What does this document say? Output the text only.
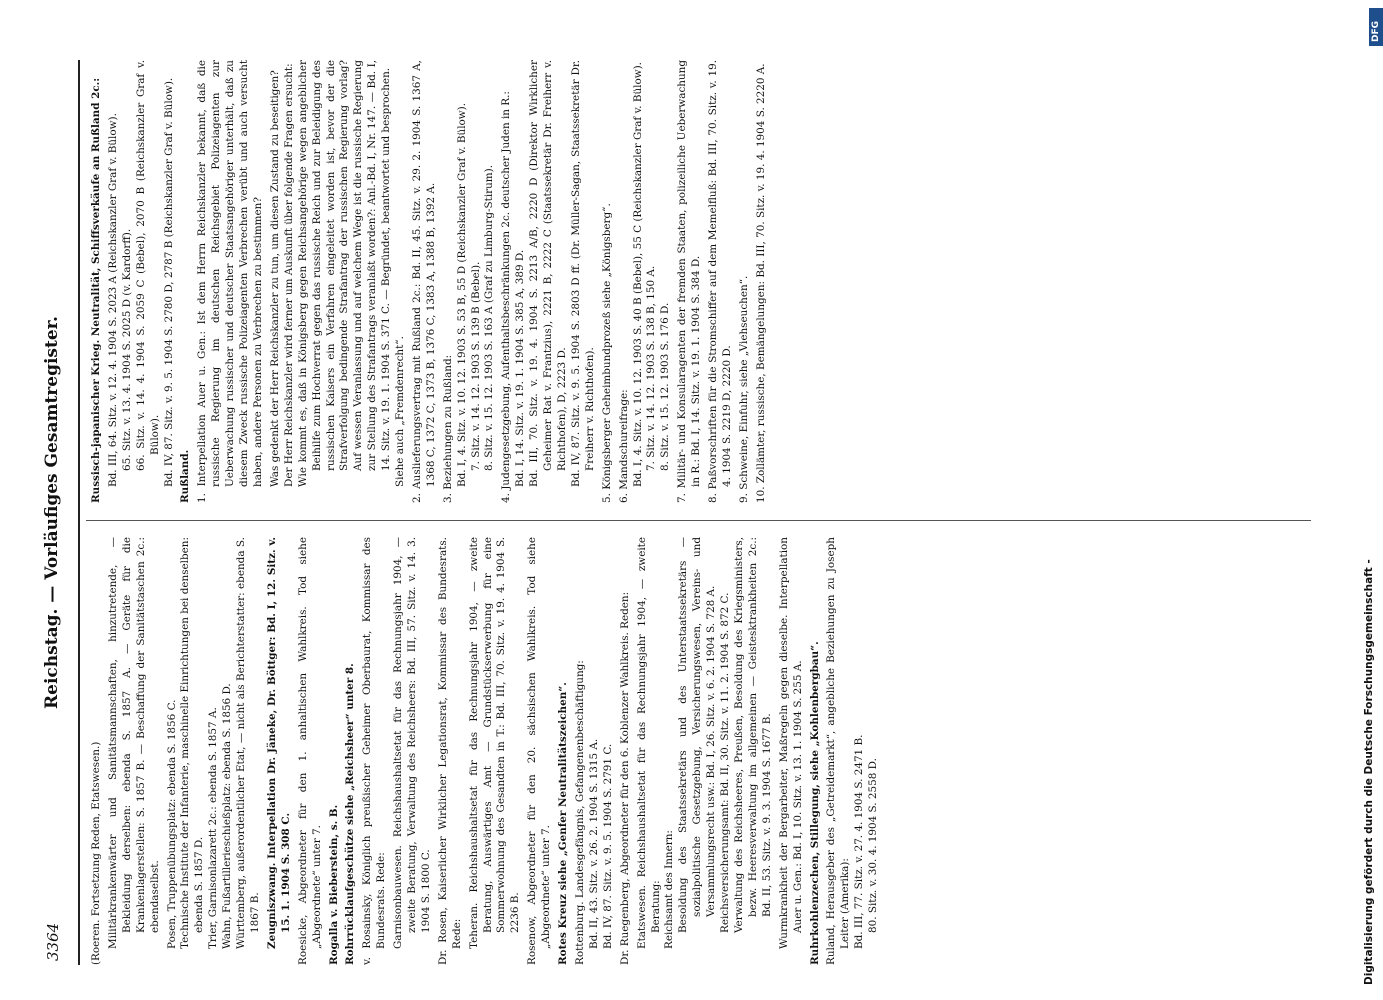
3364
Reichstag. — Vorläufiges Gesamtregister.

(Roeren. Fortsetzung Reden, Etatswesen.) Militärkrankenwärter und Sanitätsmannschaften, hinzutretende, — Bekleidung derselben: ebenda S. 1857 A. — Geräte für die Krankenlagerstellen: S. 1857 B. — Beschaffung der Sanitätstaschen 2c.: ebendaselbst. Posen, Truppenübungsplatz: ebenda S. 1856 C. Technische Institute der Infanterie, maschinelle Einrichtungen bei denselben: ebenda S. 1857 D. Trier, Garnisonlazarett 2c.: ebenda S. 1857 A. Wahn, Fußartillerieschießplatz: ebenda S. 1856 D. Württemberg, außerordentlicher Etat, — nicht als Berichterstatter: ebenda S. 1867 B. Zeugniszwang. Interpellation Dr. Jäneke, Dr. Böttger: Bd. I, 12. Sitz. v. 15. 1. 1904 S. 308 C. Roesicke, Abgeordneter für den 1. anhaltischen Wahlkreis. Tod siehe „Abgeordnete“ unter 7. Rogalla v. Bieberstein, s. B. Rohrrücklaufgeschütze siehe „Reichsheer“ unter 8. v. Rosainsky, Königlich preußischer Geheimer Oberbaurat, Kommissar des Bundesrats. Rede: Garnisonbauwesen. Reichshaushaltsetat für das Rechnungsjahr 1904, — zweite Beratung, Verwaltung des Reichsheers: Bd. III, 57. Sitz. v. 14. 3. 1904 S. 1800 C. Dr. Rosen, Kaiserlicher Wirklicher Legationsrat, Kommissar des Bundesrats. Rede: Teheran. Reichshaushaltsetat für das Rechnungsjahr 1904, — zweite Beratung, Auswärtiges Amt — Grundstückserwerbung für eine Sommerwohnung des Gesandten in T.: Bd. III, 70. Sitz. v. 19. 4. 1904 S. 2236 B. Rosenow, Abgeordneter für den 20. sächsischen Wahlkreis. Tod siehe „Abgeordnete“ unter 7. Rotes Kreuz siehe „Genfer Neutralitätszeichen“. Rottenburg. Landesgefängnis, Gefangenenbeschäftigung: Bd. II, 43. Sitz. v. 26. 2. 1904 S. 1315 A. Bd. IV, 87. Sitz. v. 9. 5. 1904 S. 2791 C. Dr. Ruegenberg, Abgeordneter für den 6. Koblenzer Wahlkreis. Reden: Etatswesen. Reichshaushaltsetat für das Rechnungsjahr 1904, — zweite Beratung: Reichsamt des Innern: Besoldung des Staatssekretärs und des Unterstaatssekretärs — sozialpolitische Gesetzgebung, Versicherungswesen, Vereins- und Versammlungsrecht usw.: Bd. I, 26. Sitz. v. 6. 2. 1904 S. 728 A. Reichsversicherungsamt: Bd. II, 30. Sitz. v. 11. 2. 1904 S. 872 C. Verwaltung des Reichsheeres, Preußen, Besoldung des Kriegsministers, bezw. Heeresverwaltung im allgemeinen — Geistesktrankheiten 2c.: Bd. II, 53. Sitz. v. 9. 3. 1904 S. 1677 B. Wurmkrankheit der Bergarbeiter, Maßregeln gegen dieselbe. Interpellation Auer u. Gen.: Bd. I, 10. Sitz. v. 13. 1. 1904 S. 255 A. Ruhrkohlenzechen, Stillegung, siehe „Kohlenbergbau“. Ruland, Herausgeber des „Getreidemarkt“, angebliche Beziehungen zu Joseph Leiter (Amerika): Bd. III, 77. Sitz. v. 27. 4. 1904 S. 2471 B. 80. Sitz. v. 30. 4. 1904 S. 2558 D.

Russisch-japanischer Krieg. Neutralität, Schiffsverkäufe an Rußland 2c.: Bd. III, 64. Sitz. v. 12. 4. 1904 S. 2023 A (Reichskanzler Graf v. Bülow). 65. Sitz. v. 13. 4. 1904 S. 2025 D (v. Kardorff). 66. Sitz. v. 14. 4. 1904 S. 2059 C (Bebel), 2070 B (Reichskanzler Graf v. Bülow). Bd. IV, 87. Sitz. v. 9. 5. 1904 S. 2780 D, 2787 B (Reichskanzler Graf v. Bülow). Rußland. 1. Interpellation Auer u. Gen.: Ist dem Herrn Reichskanzler bekannt, daß die russische Regierung im deutschen Reichsgebiet Polizeiagenten zur Ueberwachung russischer und deutscher Staatsangehöriger unterhält, daß zu diesem Zweck russische Polizeiagenten Verbrechen verübt und auch versucht haben, andere Personen zu Verbrechen zu bestimmen? Was gedenkt der Herr Reichskanzler zu tun, um diesen Zustand zu beseitigen? Der Herr Reichskanzler wird ferner um Auskunft über folgende Fragen ersucht: Wie kommt es, daß in Königsberg gegen Reichsangehörige wegen angeblicher Beihilfe zum Hochverrat gegen das russische Reich und zur Beleidigung des russischen Kaisers ein Verfahren eingeleitet worden ist, bevor der die Strafverfolgung bedingende Strafantrag der russischen Regierung vorlag? Auf wessen Veranlassung und auf welchem Wege ist die russische Regierung zur Stellung des Strafantrags veranlaßt worden?: Anl.-Bd. I, Nr. 147. — Bd. I, 14. Sitz. v. 19. 1. 1904 S. 371 C. — Begründet, beantwortet und besprochen. Siehe auch „Fremdenrecht“. 2. Auslieferungsvertrag mit Rußland 2c.: Bd. II, 45. Sitz. v. 29. 2. 1904 S. 1367 A, 1368 C, 1372 C, 1373 B, 1376 C, 1383 A, 1388 B, 1392 A. 3. Beziehungen zu Rußland: Bd. I, 4. Sitz. v. 10. 12. 1903 S. 53 B, 55 D (Reichskanzler Graf v. Bülow). 7. Sitz. v. 14. 12. 1903 S. 139 B (Bebel). 8. Sitz. v. 15. 12. 1903 S. 163 A (Graf zu Limburg-Stirum). 4. Judengesetzgebung, Aufenthaltsbeschränkungen 2c. deutscher Juden in R.: Bd. I, 14. Sitz. v. 19. 1. 1904 S. 385 A, 389 D. Bd. III, 70. Sitz. v. 19. 4. 1904 S. 2213 A/B, 2220 D (Direktor Wirklicher Geheimer Rat v. Frantzius), 2221 B, 2222 C (Staatssekretär Dr. Freiherr v. Richthofen), D, 2223 D. Bd. IV, 87. Sitz. v. 9. 5. 1904 S. 2803 D ff. (Dr. Müller-Sagan, Staatssekretär Dr. Freiherr v. Richthofen). 5. Königsberger Geheimbundprozeß siehe „Königsberg“. 6. Mandschureifrage: Bd. I, 4. Sitz. v. 10. 12. 1903 S. 40 B (Bebel), 55 C (Reichskanzler Graf v. Bülow). 7. Sitz. v. 14. 12. 1903 S. 138 B, 150 A. 8. Sitz. v. 15. 12. 1903 S. 176 D. 7. Militär- und Konsularagenten der fremden Staaten, polizeiliche Ueberwachung in R.: Bd. I, 14. Sitz. v. 19. 1. 1904 S. 384 D. 8. Paßvorschriften für die Stromschiffer auf dem Memelfluß: Bd. III, 70. Sitz. v. 19. 4. 1904 S. 2219 D, 2220 D. 9. Schweine, Einfuhr, siehe „Viehseuchen“. 10. Zollämter, russische, Bemängelungen: Bd. III, 70. Sitz. v. 19. 4. 1904 S. 2220 A.

Digitalisierung gefördert durch die Deutsche Forschungsgemeinschaft -
DFG
